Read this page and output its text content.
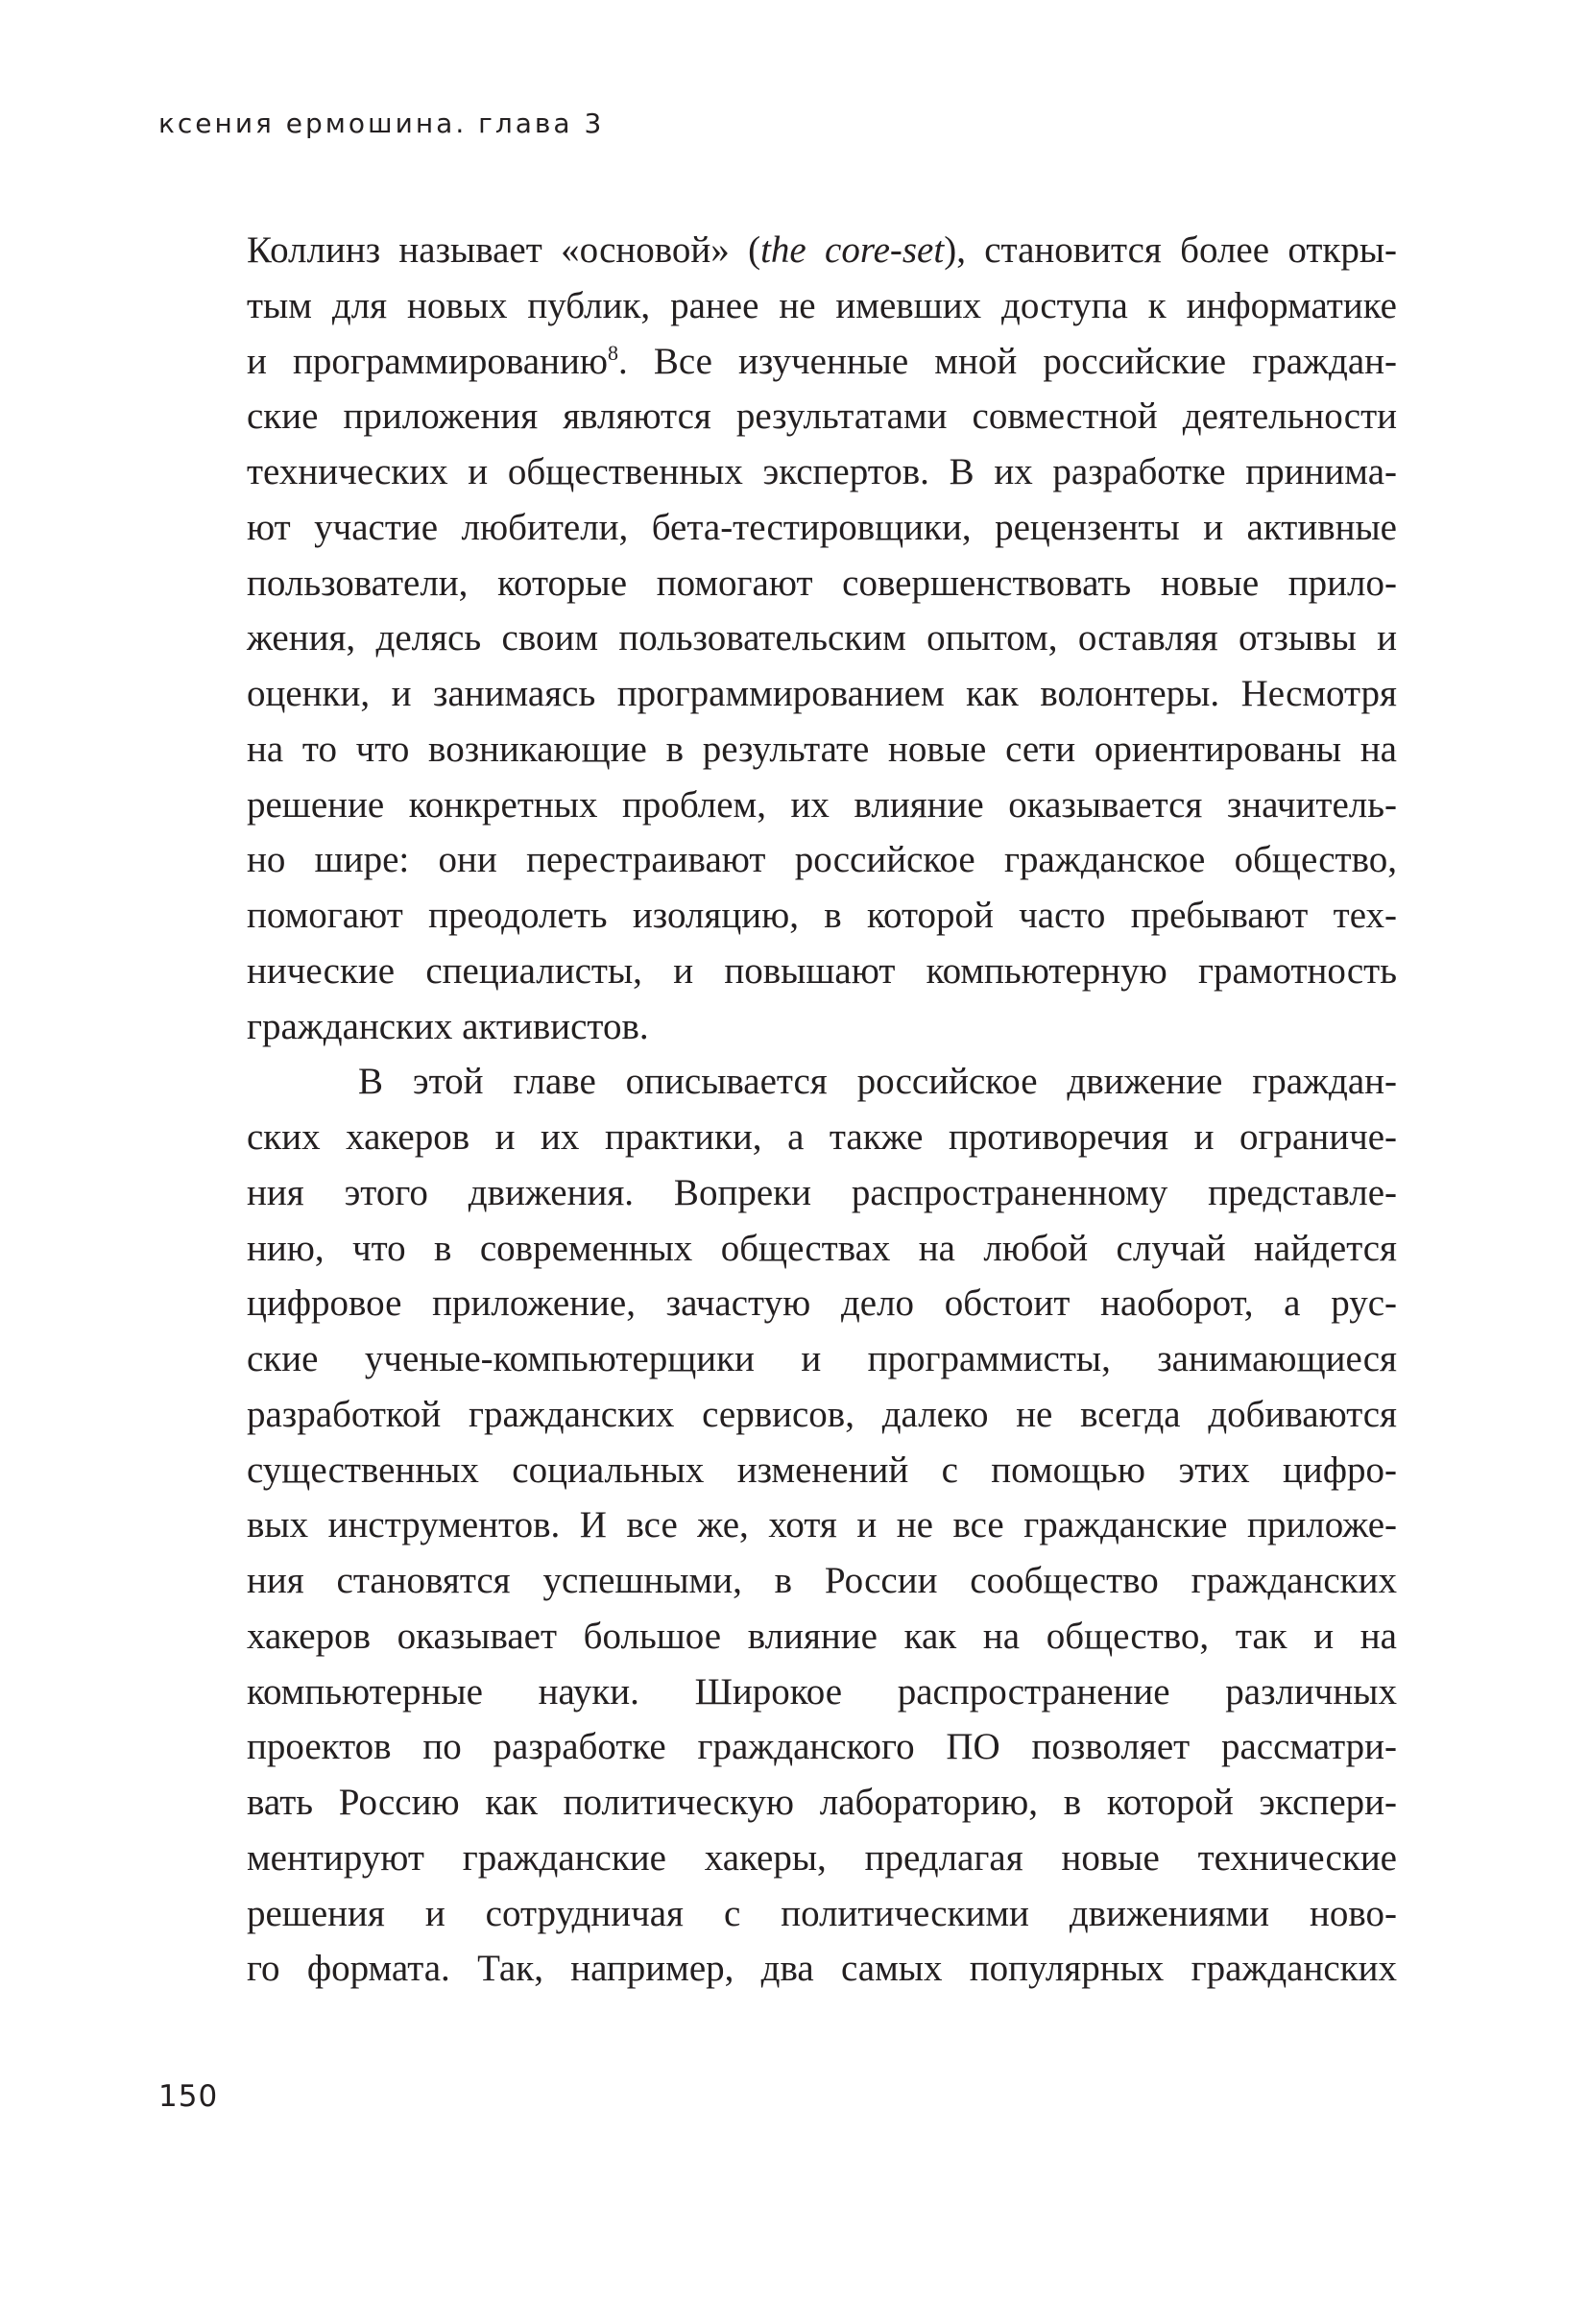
ксения ермошина. глава 3
Коллинз называет «основой» (the core-set), становится более откры-
тым для новых публик, ранее не имевших доступа к информатике
и программированию$^8$. Все изученные мной российские граждан-
ские приложения являются результатами совместной деятельности
технических и общественных экспертов. В их разработке принима-
ют участие любители, бета-тестировщики, рецензенты и активные
пользователи, которые помогают совершенствовать новые прило-
жения, делясь своим пользовательским опытом, оставляя отзывы и
оценки, и занимаясь программированием как волонтеры. Несмотря
на то что возникающие в результате новые сети ориентированы на
решение конкретных проблем, их влияние оказывается значитель-
но шире: они перестраивают российское гражданское общество,
помогают преодолеть изоляцию, в которой часто пребывают тех-
нические специалисты, и повышают компьютерную грамотность
гражданских активистов.
В этой главе описывается российское движение граждан-
ских хакеров и их практики, а также противоречия и ограниче-
ния этого движения. Вопреки распространенному представле-
нию, что в современных обществах на любой случай найдется
цифровое приложение, зачастую дело обстоит наоборот, а рус-
ские ученые-компьютерщики и программисты, занимающиеся
разработкой гражданских сервисов, далеко не всегда добиваются
существенных социальных изменений с помощью этих цифро-
вых инструментов. И все же, хотя и не все гражданские приложе-
ния становятся успешными, в России сообщество гражданских
хакеров оказывает большое влияние как на общество, так и на
компьютерные науки. Широкое распространение различных
проектов по разработке гражданского ПО позволяет рассматри-
вать Россию как политическую лабораторию, в которой экспери-
ментируют гражданские хакеры, предлагая новые технические
решения и сотрудничая с политическими движениями ново-
го формата. Так, например, два самых популярных гражданских
150
